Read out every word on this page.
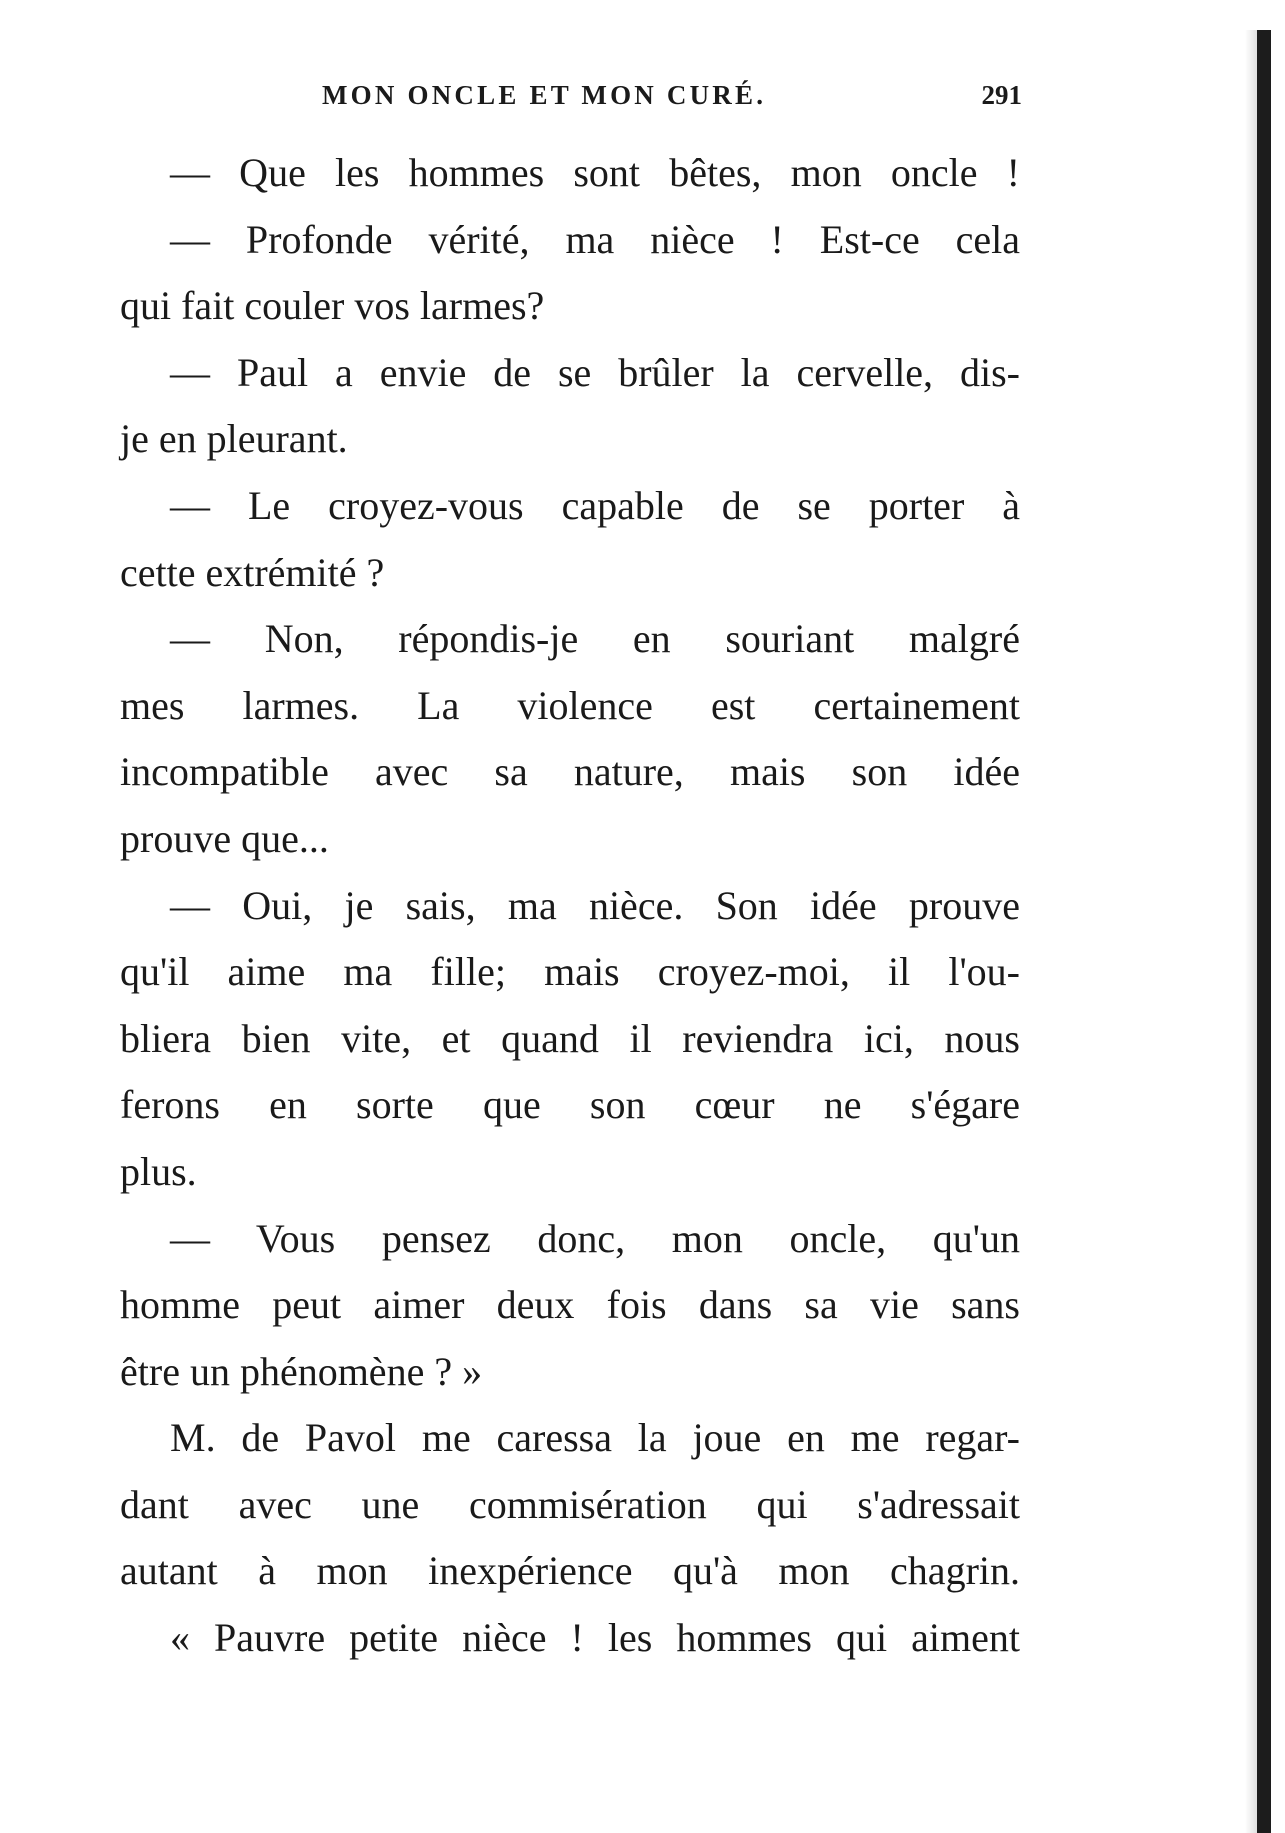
MON ONCLE ET MON CURÉ.	291
— Que les hommes sont bêtes, mon oncle !
— Profonde vérité, ma nièce ! Est-ce cela
qui fait couler vos larmes?
— Paul a envie de se brûler la cervelle, dis-
je en pleurant.
— Le croyez-vous capable de se porter à
cette extrémité ?
— Non, répondis-je en souriant malgré
mes larmes. La violence est certainement
incompatible avec sa nature, mais son idée
prouve que...
— Oui, je sais, ma nièce. Son idée prouve
qu'il aime ma fille; mais croyez-moi, il l'ou-
bliera bien vite, et quand il reviendra ici, nous
ferons en sorte que son cœur ne s'égare
plus.
— Vous pensez donc, mon oncle, qu'un
homme peut aimer deux fois dans sa vie sans
être un phénomène ? »
M. de Pavol me caressa la joue en me regar-
dant avec une commisération qui s'adressait
autant à mon inexpérience qu'à mon chagrin.
« Pauvre petite nièce ! les hommes qui aiment
